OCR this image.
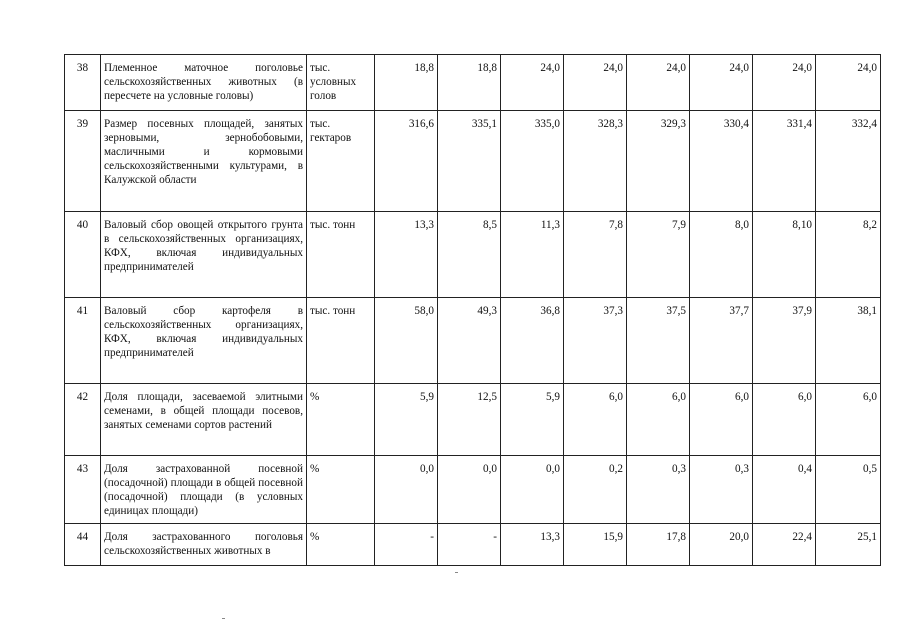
38	Племенное маточное поголовье сельскохозяйственных животных (в пересчете на условные головы)	тыс. условных голов	18,8	18,8	24,0	24,0	24,0	24,0	24,0	24,0
39	Размер посевных площадей, занятых зерновыми, зернобобовыми, масличными и кормовыми сельскохозяйственными культурами, в Калужской области	тыс. гектаров	316,6	335,1	335,0	328,3	329,3	330,4	331,4	332,4
40	Валовый сбор овощей открытого грунта в сельскохозяйственных организациях, КФХ, включая индивидуальных предпринимателей	тыс. тонн	13,3	8,5	11,3	7,8	7,9	8,0	8,10	8,2
41	Валовый сбор картофеля в сельскохозяйственных организациях, КФХ, включая индивидуальных предпринимателей	тыс. тонн	58,0	49,3	36,8	37,3	37,5	37,7	37,9	38,1
42	Доля площади, засеваемой элитными семенами, в общей площади посевов, занятых семенами сортов растений	%	5,9	12,5	5,9	6,0	6,0	6,0	6,0	6,0
43	Доля застрахованной посевной (посадочной) площади в общей посевной (посадочной) площади (в условных единицах площади)	%	0,0	0,0	0,0	0,2	0,3	0,3	0,4	0,5
44	Доля застрахованного поголовья сельскохозяйственных животных в	%	-	-	13,3	15,9	17,8	20,0	22,4	25,1
